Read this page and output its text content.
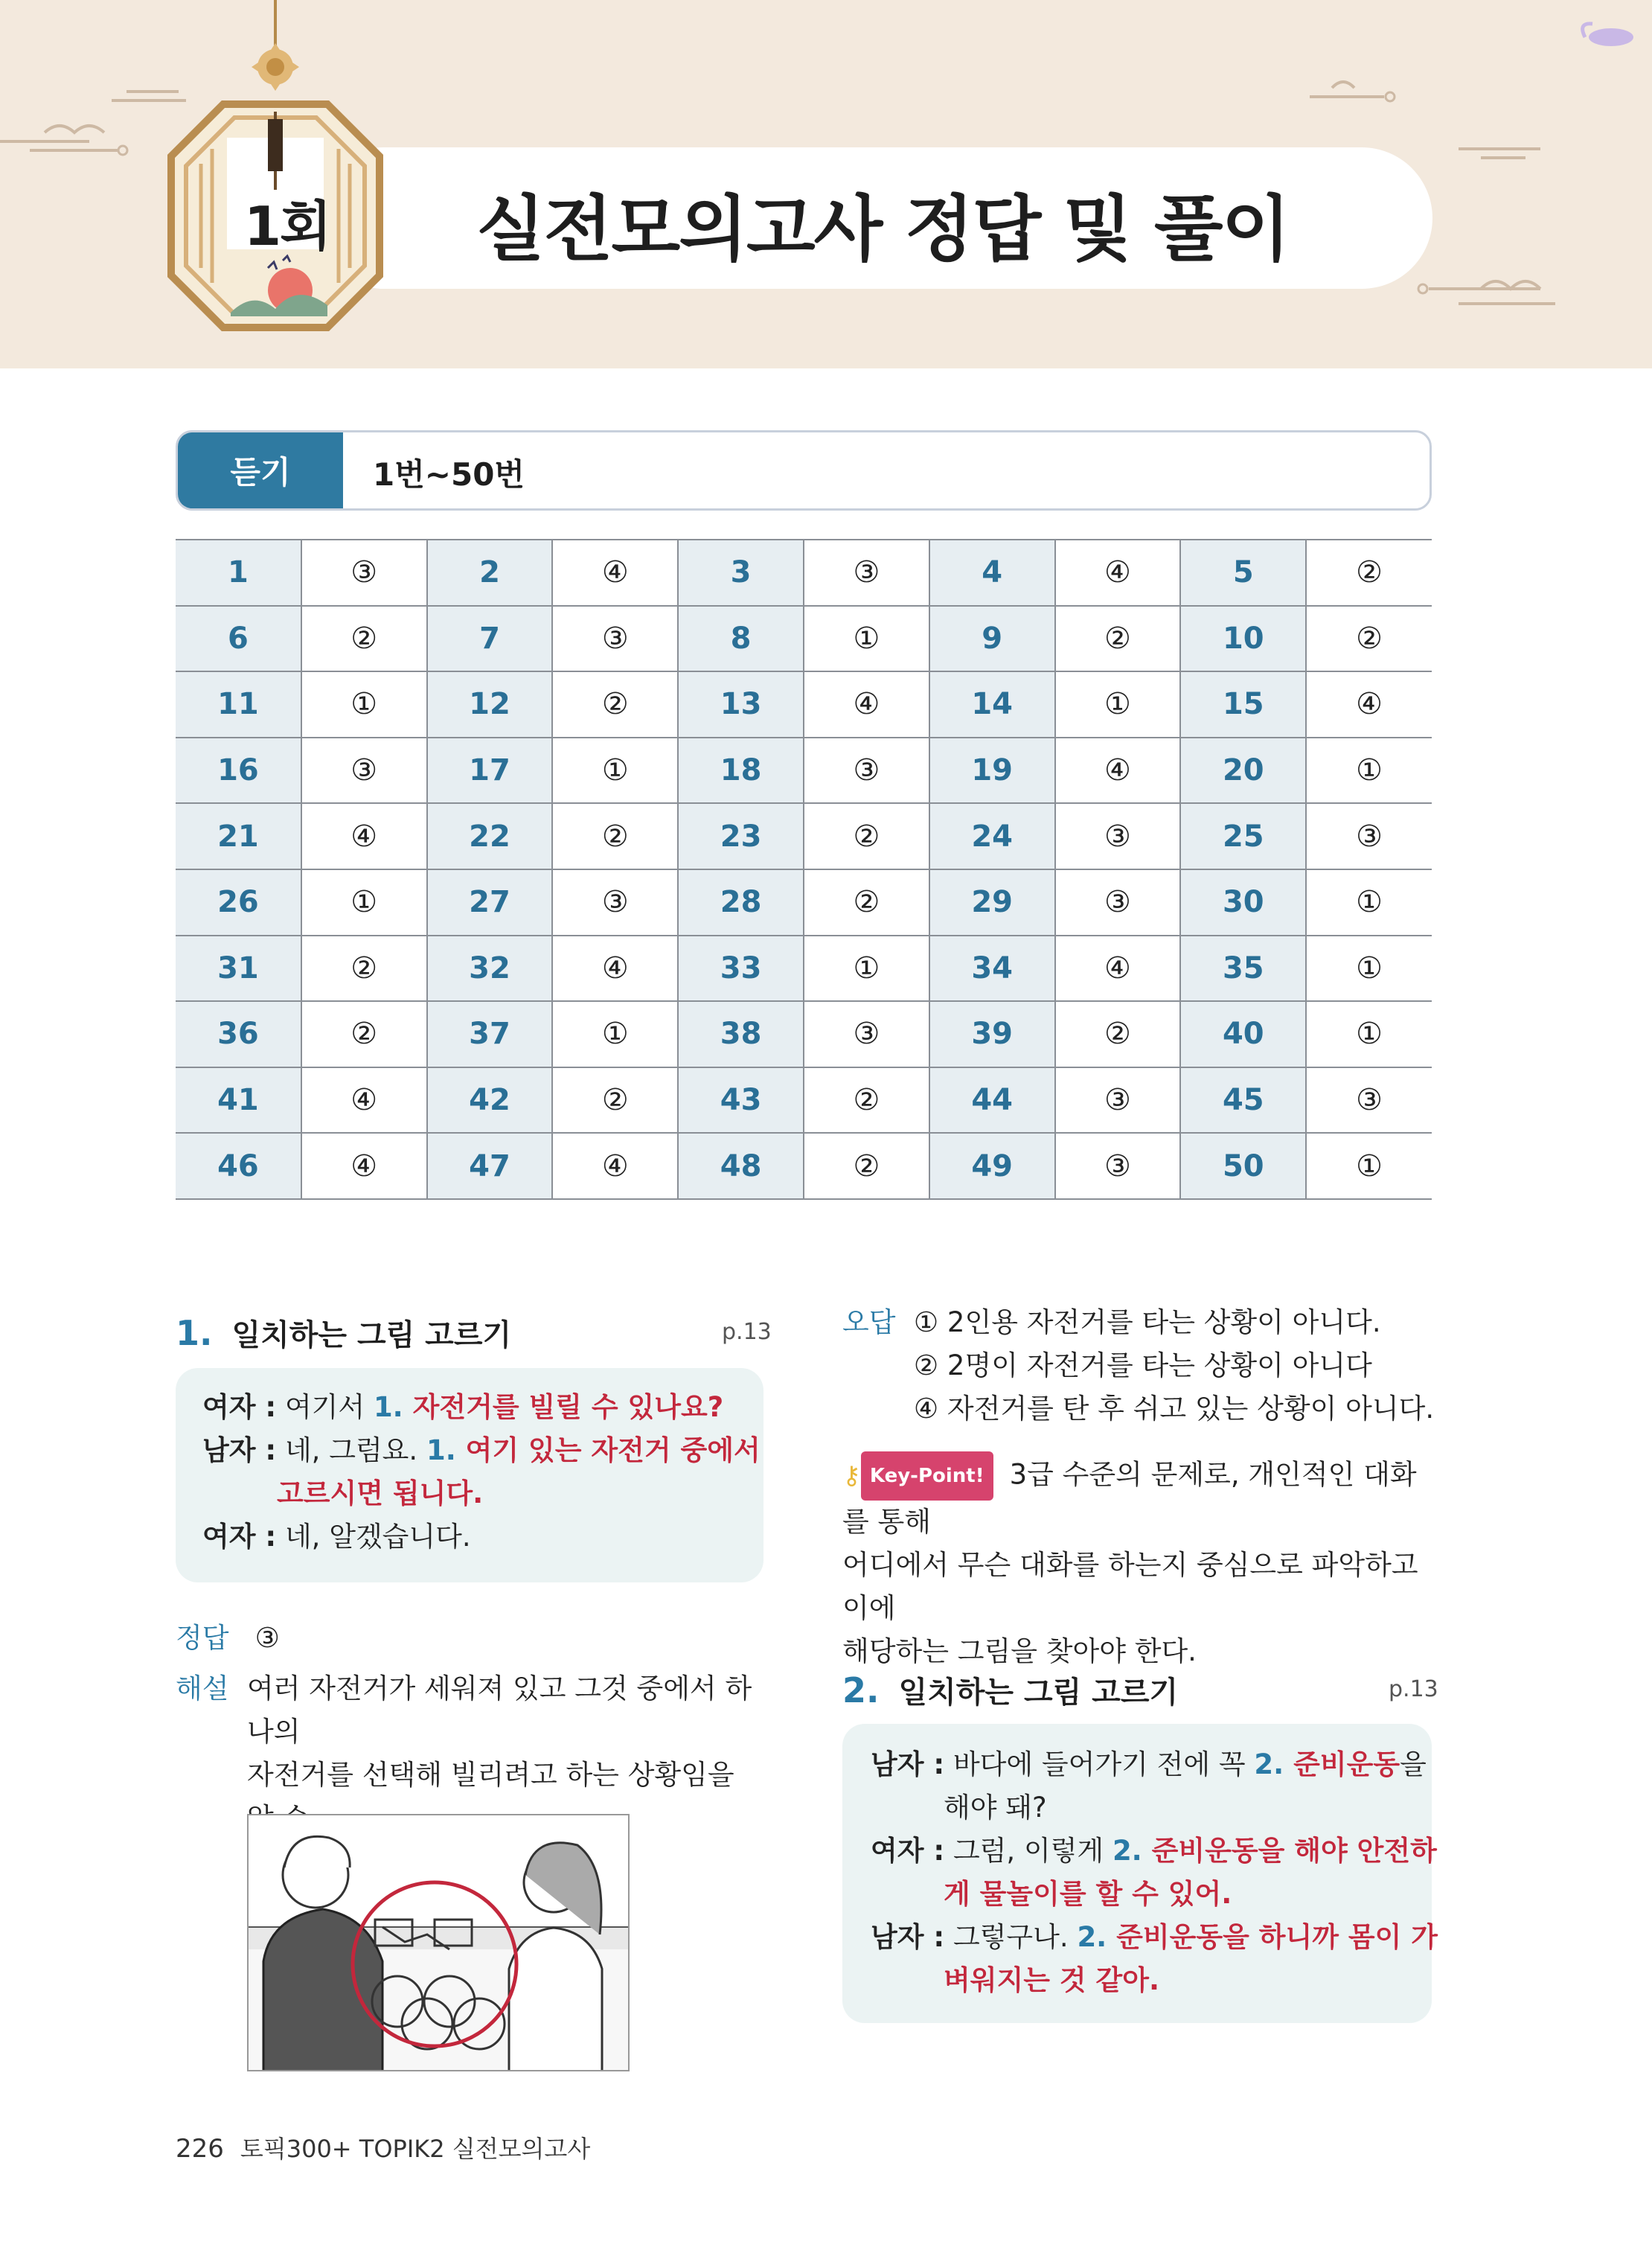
실전모의고사 정답 및 풀이
1회
듣기	1번~50번
1	③	2	④	3	③	4	④	5	②
6	②	7	③	8	①	9	②	10	②
11	①	12	②	13	④	14	①	15	④
16	③	17	①	18	③	19	④	20	①
21	④	22	②	23	②	24	③	25	③
26	①	27	③	28	②	29	③	30	①
31	②	32	④	33	①	34	④	35	①
36	②	37	①	38	③	39	②	40	①
41	④	42	②	43	②	44	③	45	③
46	④	47	④	48	②	49	③	50	①
1. 일치하는 그림 고르기	p.13
여자 : 여기서 1. 자전거를 빌릴 수 있나요?
남자 : 네, 그럼요. 1. 여기 있는 자전거 중에서
고르시면 됩니다.
여자 : 네, 알겠습니다.
정답 ③
해설 여러 자전거가 세워져 있고 그것 중에서 하나의
자전거를 선택해 빌리려고 하는 상황임을
오답 ① 2인용 자전거를 타는 상황이 아니다.
② 2명이 자전거를 타는 상황이 아니다
④ 자전거를 탄 후 쉬고 있는 상황이 아니다.
⚷ Key-Point! 3급 수준의 문제로, 개인적인 대화를 통해
어디에서 무슨 대화를 하는지 중심으로 파악하고 이에
해당하는 그림을 찾아야 한다.
2. 일치하는 그림 고르기	p.13
남자 : 바다에 들어가기 전에 꼭 2. 준비운동을
해야 돼?
여자 : 그럼, 이렇게 2. 준비운동을 해야 안전하
게 물놀이를 할 수 있어.
남자 : 그렇구나. 2. 준비운동을 하니까 몸이 가
벼워지는 것 같아.
226 토픽300+ TOPIK2 실전모의고사
